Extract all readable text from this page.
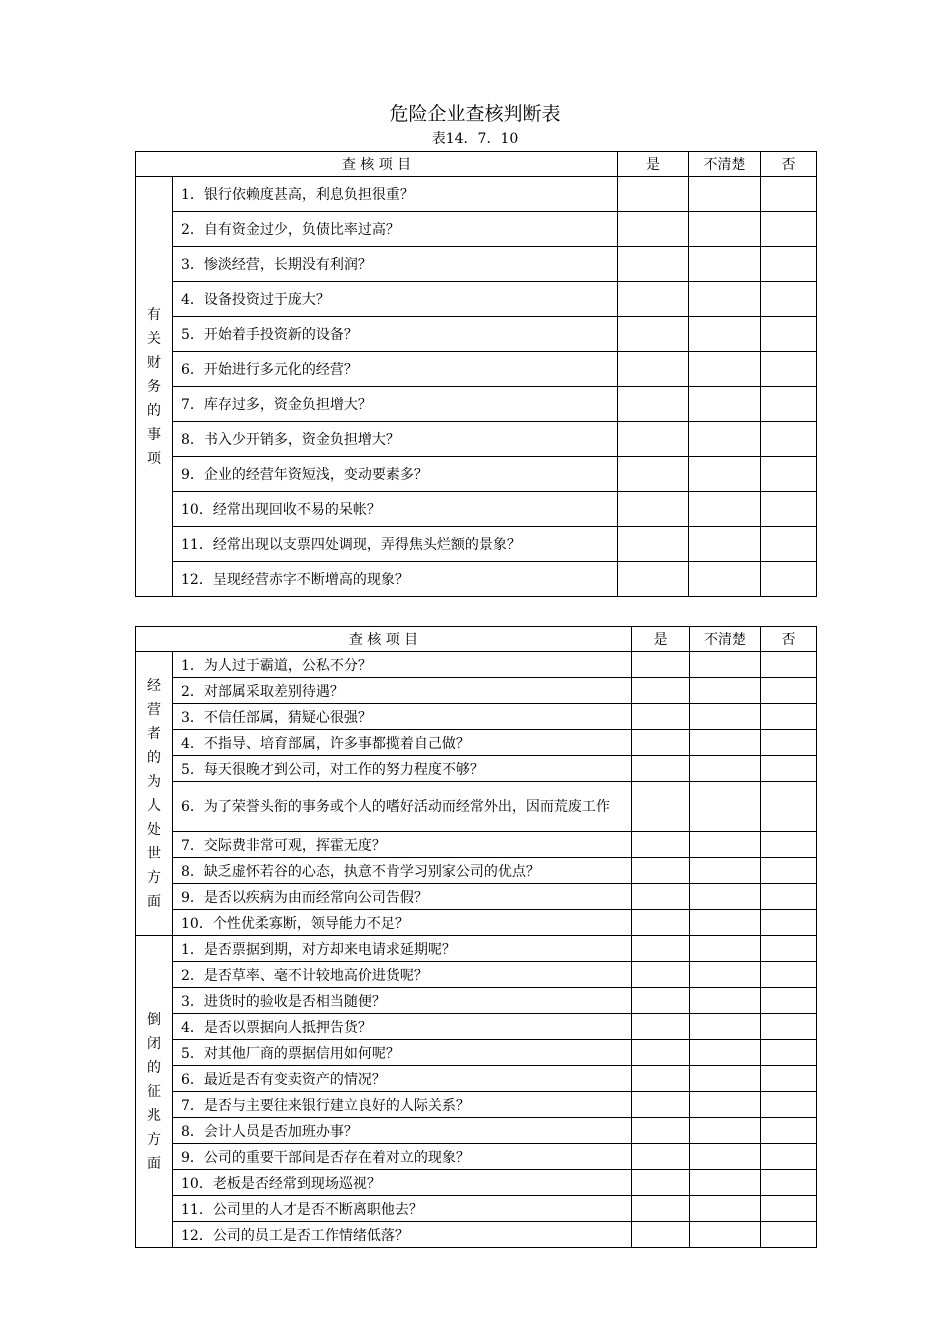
危险企业查核判断表
表14．7．10
查 核 项 目		是	不清楚	否
有关财务的事项	1．银行依赖度甚高，利息负担很重？			
	2．自有资金过少，负债比率过高？			
	3．惨淡经营，长期没有利润？			
	4．设备投资过于庞大？			
	5．开始着手投资新的设备？			
	6．开始进行多元化的经营？			
	7．库存过多，资金负担增大？			
	8．书入少开销多，资金负担增大？			
	9．企业的经营年资短浅，变动要素多？			
	10．经常出现回收不易的呆帐？			
	11．经常出现以支票四处调现，弄得焦头烂额的景象？			
	12．呈现经营赤字不断增高的现象？			
查 核 项 目		是	不清楚	否
经营者的为人处世方面	1．为人过于霸道，公私不分？			
	2．对部属采取差别待遇？			
	3．不信任部属，猜疑心很强？			
	4．不指导、培育部属，许多事都揽着自己做？			
	5．每天很晚才到公司，对工作的努力程度不够？			
	6．为了荣誉头衔的事务或个人的嗜好活动而经常外出，因而荒废工作			
	7．交际费非常可观，挥霍无度？			
	8．缺乏虚怀若谷的心态，执意不肯学习别家公司的优点？			
	9．是否以疾病为由而经常向公司告假？			
	10．个性优柔寡断，领导能力不足？			
倒闭的征兆方面	1．是否票据到期，对方却来电请求延期呢？			
	2．是否草率、毫不计较地高价进货呢？			
	3．进货时的验收是否相当随便？			
	4．是否以票据向人抵押告货？			
	5．对其他厂商的票据信用如何呢？			
	6．最近是否有变卖资产的情况？			
	7．是否与主要往来银行建立良好的人际关系？			
	8．会计人员是否加班办事？			
	9．公司的重要干部间是否存在着对立的现象？			
	10．老板是否经常到现场巡视？			
	11．公司里的人才是否不断离职他去？			
	12．公司的员工是否工作情绪低落？			
